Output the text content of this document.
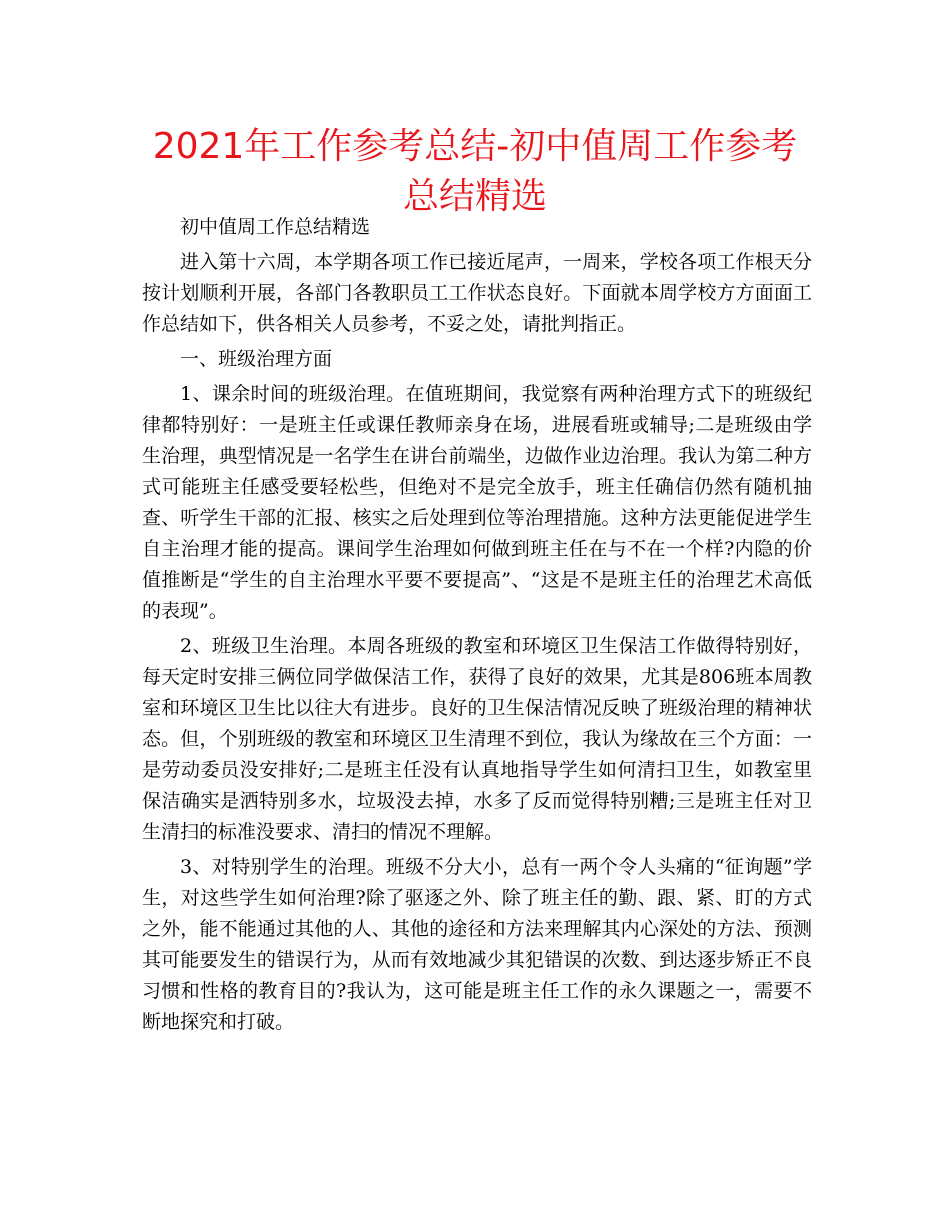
2021年工作参考总结-初中值周工作参考总结精选

初中值周工作总结精选

进入第十六周，本学期各项工作已接近尾声，一周来，学校各项工作根天分按计划顺利开展，各部门各教职员工工作状态良好。下面就本周学校方方面面工作总结如下，供各相关人员参考，不妥之处，请批判指正。

一、班级治理方面

1、课余时间的班级治理。在值班期间，我觉察有两种治理方式下的班级纪律都特别好：一是班主任或课任教师亲身在场，进展看班或辅导;二是班级由学生治理，典型情况是一名学生在讲台前端坐，边做作业边治理。我认为第二种方式可能班主任感受要轻松些，但绝对不是完全放手，班主任确信仍然有随机抽查、听学生干部的汇报、核实之后处理到位等治理措施。这种方法更能促进学生自主治理才能的提高。课间学生治理如何做到班主任在与不在一个样?内隐的价值推断是“学生的自主治理水平要不要提高”、“这是不是班主任的治理艺术高低的表现”。

2、班级卫生治理。本周各班级的教室和环境区卫生保洁工作做得特别好，每天定时安排三俩位同学做保洁工作，获得了良好的效果，尤其是806班本周教室和环境区卫生比以往大有进步。良好的卫生保洁情况反映了班级治理的精神状态。但，个别班级的教室和环境区卫生清理不到位，我认为缘故在三个方面：一是劳动委员没安排好;二是班主任没有认真地指导学生如何清扫卫生，如教室里保洁确实是洒特别多水，垃圾没去掉，水多了反而觉得特别糟;三是班主任对卫生清扫的标准没要求、清扫的情况不理解。

3、对特别学生的治理。班级不分大小，总有一两个令人头痛的“征询题”学生，对这些学生如何治理?除了驱逐之外、除了班主任的勤、跟、紧、盯的方式之外，能不能通过其他的人、其他的途径和方法来理解其内心深处的方法、预测其可能要发生的错误行为，从而有效地减少其犯错误的次数、到达逐步矫正不良习惯和性格的教育目的?我认为，这可能是班主任工作的永久课题之一，需要不断地探究和打破。
